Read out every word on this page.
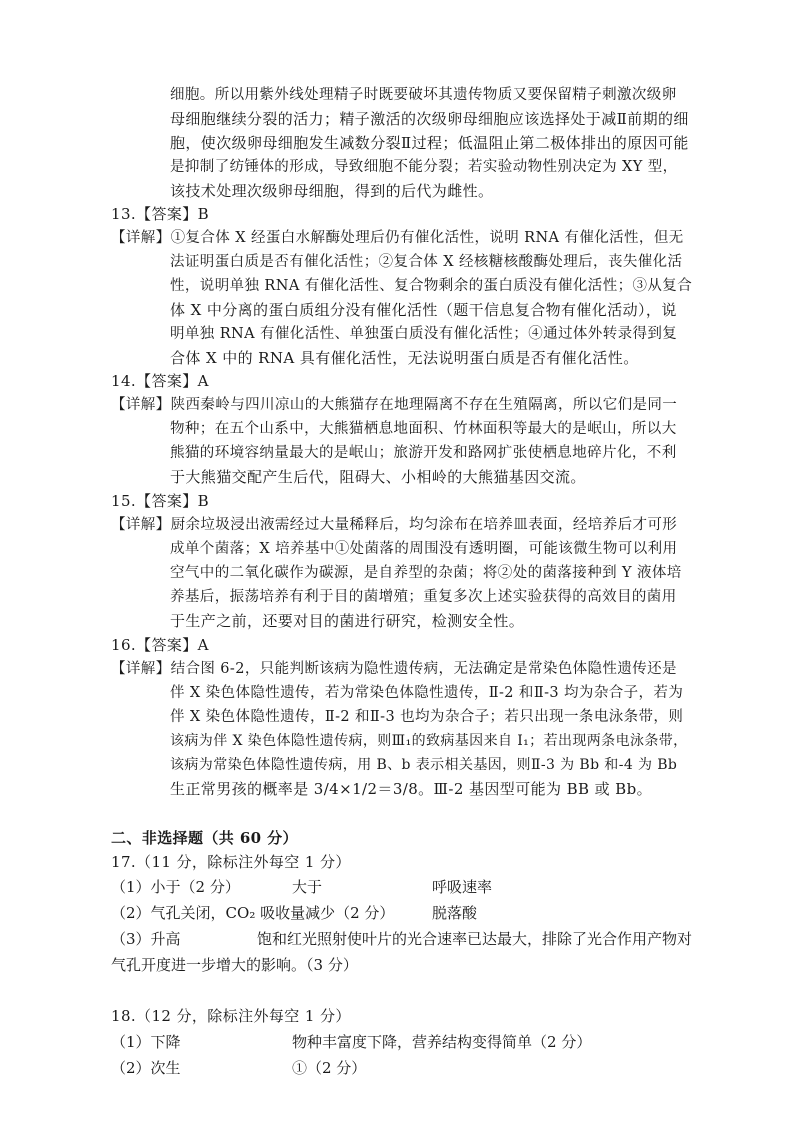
细胞。所以用紫外线处理精子时既要破坏其遗传物质又要保留精子刺激次级卵
母细胞继续分裂的活力；精子激活的次级卵母细胞应该选择处于减Ⅱ前期的细
胞，使次级卵母细胞发生减数分裂Ⅱ过程；低温阻止第二极体排出的原因可能
是抑制了纺锤体的形成，导致细胞不能分裂；若实验动物性别决定为 XY 型，
该技术处理次级卵母细胞，得到的后代为雌性。
13.【答案】B
【详解】①复合体 X 经蛋白水解酶处理后仍有催化活性，说明 RNA 有催化活性，但无
法证明蛋白质是否有催化活性；②复合体 X 经核糖核酸酶处理后，丧失催化活
性，说明单独 RNA 有催化活性、复合物剩余的蛋白质没有催化活性；③从复合
体 X 中分离的蛋白质组分没有催化活性（题干信息复合物有催化活动），说
明单独 RNA 有催化活性、单独蛋白质没有催化活性；④通过体外转录得到复
合体 X 中的 RNA 具有催化活性，无法说明蛋白质是否有催化活性。
14.【答案】A
【详解】陕西秦岭与四川凉山的大熊猫存在地理隔离不存在生殖隔离，所以它们是同一
物种；在五个山系中，大熊猫栖息地面积、竹林面积等最大的是岷山，所以大
熊猫的环境容纳量最大的是岷山；旅游开发和路网扩张使栖息地碎片化，不利
于大熊猫交配产生后代，阻碍大、小相岭的大熊猫基因交流。
15.【答案】B
【详解】厨余垃圾浸出液需经过大量稀释后，均匀涂布在培养皿表面，经培养后才可形
成单个菌落；X 培养基中①处菌落的周围没有透明圈，可能该微生物可以利用
空气中的二氧化碳作为碳源，是自养型的杂菌；将②处的菌落接种到 Y 液体培
养基后，振荡培养有利于目的菌增殖；重复多次上述实验获得的高效目的菌用
于生产之前，还要对目的菌进行研究，检测安全性。
16.【答案】A
【详解】结合图 6-2，只能判断该病为隐性遗传病，无法确定是常染色体隐性遗传还是
伴 X 染色体隐性遗传，若为常染色体隐性遗传，Ⅱ-2 和Ⅱ-3 均为杂合子，若为
伴 X 染色体隐性遗传，Ⅱ-2 和Ⅱ-3 也均为杂合子；若只出现一条电泳条带，则
该病为伴 X 染色体隐性遗传病，则Ⅲ₁的致病基因来自 I₁；若出现两条电泳条带，
该病为常染色体隐性遗传病，用 B、b 表示相关基因，则Ⅱ-3 为 Bb 和-4 为 Bb
生正常男孩的概率是 3/4×1/2＝3/8。Ⅲ-2 基因型可能为 BB 或 Bb。
二、非选择题（共 60 分）
17.（11 分，除标注外每空 1 分）
（1）小于（2 分）	大于	呼吸速率
（2）气孔关闭，CO₂ 吸收量减少（2 分）	脱落酸
（3）升高	饱和红光照射使叶片的光合速率已达最大，排除了光合作用产物对
气孔开度进一步增大的影响。（3 分）
18.（12 分，除标注外每空 1 分）
（1）下降	物种丰富度下降，营养结构变得简单（2 分）
（2）次生	①（2 分）
